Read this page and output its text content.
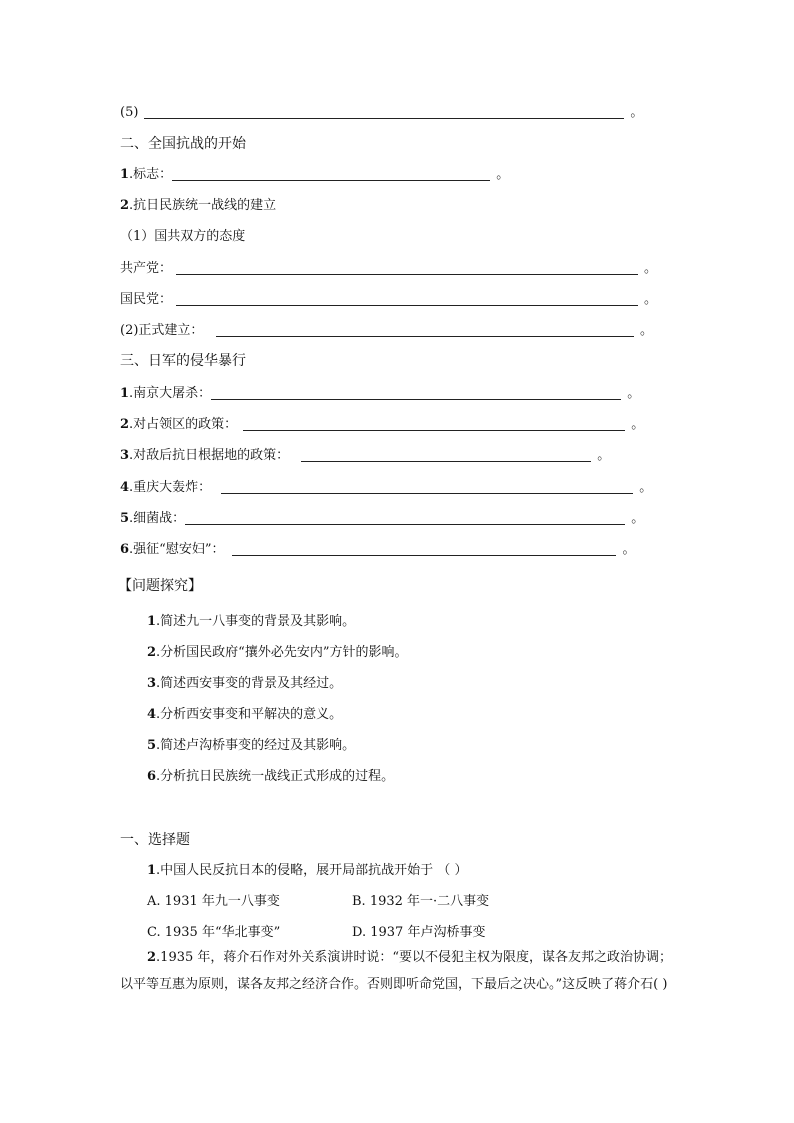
(5)	。
二、全国抗战的开始
1 .标志：	。
2 .抗日民族统一战线的建立
（1）国共双方的态度
共产党：	。
国民党：	。
(2)正式建立：	。
三、日军的侵华暴行
1 .南京大屠杀：	。
2 .对占领区的政策：	。
3 .对敌后抗日根据地的政策：	。
4 .重庆大轰炸：	。
5 .细菌战：	。
6 .强征“慰安妇”：	。
【问题探究】
1 .简述九一八事变的背景及其影响。
2 .分析国民政府“攘外必先安内”方针的影响。
3 .简述西安事变的背景及其经过。
4 .分析西安事变和平解决的意义。
5 .简述卢沟桥事变的经过及其影响。
6 .分析抗日民族统一战线正式形成的过程。
一、选择题
1 .中国人民反抗日本的侵略，展开局部抗战开始于 （ ）
A. 1931 年九一八事变	B. 1932 年一·二八事变
C. 1935 年“华北事变”	D. 1937 年卢沟桥事变
2.1935 年，蒋介石作对外关系演讲时说：“要以不侵犯主权为限度，谋各友邦之政治协调；以平等互惠为原则，谋各友邦之经济合作。否则即听命党国，下最后之决心。”这反映了蒋介石( )
